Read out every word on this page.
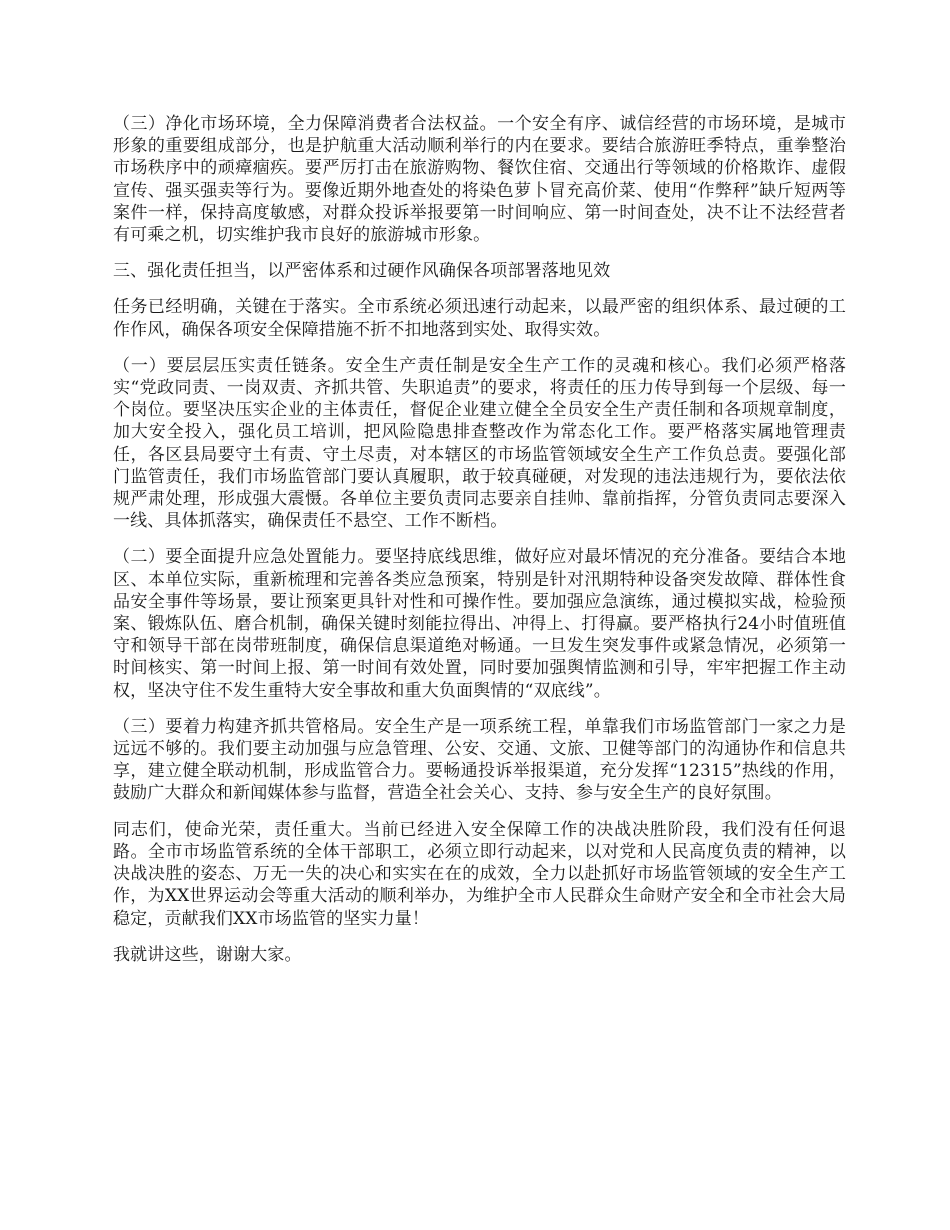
（三）净化市场环境，全力保障消费者合法权益。一个安全有序、诚信经营的市场环境，是城市形象的重要组成部分，也是护航重大活动顺利举行的内在要求。要结合旅游旺季特点，重拳整治市场秩序中的顽瘴痼疾。要严厉打击在旅游购物、餐饮住宿、交通出行等领域的价格欺诈、虚假宣传、强买强卖等行为。要像近期外地查处的将染色萝卜冒充高价菜、使用“作弊秤”缺斤短两等案件一样，保持高度敏感，对群众投诉举报要第一时间响应、第一时间查处，决不让不法经营者有可乘之机，切实维护我市良好的旅游城市形象。

三、强化责任担当，以严密体系和过硬作风确保各项部署落地见效

任务已经明确，关键在于落实。全市系统必须迅速行动起来，以最严密的组织体系、最过硬的工作作风，确保各项安全保障措施不折不扣地落到实处、取得实效。

（一）要层层压实责任链条。安全生产责任制是安全生产工作的灵魂和核心。我们必须严格落实“党政同责、一岗双责、齐抓共管、失职追责”的要求，将责任的压力传导到每一个层级、每一个岗位。要坚决压实企业的主体责任，督促企业建立健全全员安全生产责任制和各项规章制度，加大安全投入，强化员工培训，把风险隐患排查整改作为常态化工作。要严格落实属地管理责任，各区县局要守土有责、守土尽责，对本辖区的市场监管领域安全生产工作负总责。要强化部门监管责任，我们市场监管部门要认真履职，敢于较真碰硬，对发现的违法违规行为，要依法依规严肃处理，形成强大震慑。各单位主要负责同志要亲自挂帅、靠前指挥，分管负责同志要深入一线、具体抓落实，确保责任不悬空、工作不断档。

（二）要全面提升应急处置能力。要坚持底线思维，做好应对最坏情况的充分准备。要结合本地区、本单位实际，重新梳理和完善各类应急预案，特别是针对汛期特种设备突发故障、群体性食品安全事件等场景，要让预案更具针对性和可操作性。要加强应急演练，通过模拟实战，检验预案、锻炼队伍、磨合机制，确保关键时刻能拉得出、冲得上、打得赢。要严格执行24小时值班值守和领导干部在岗带班制度，确保信息渠道绝对畅通。一旦发生突发事件或紧急情况，必须第一时间核实、第一时间上报、第一时间有效处置，同时要加强舆情监测和引导，牢牢把握工作主动权，坚决守住不发生重特大安全事故和重大负面舆情的“双底线”。

（三）要着力构建齐抓共管格局。安全生产是一项系统工程，单靠我们市场监管部门一家之力是远远不够的。我们要主动加强与应急管理、公安、交通、文旅、卫健等部门的沟通协作和信息共享，建立健全联动机制，形成监管合力。要畅通投诉举报渠道，充分发挥“12315”热线的作用，鼓励广大群众和新闻媒体参与监督，营造全社会关心、支持、参与安全生产的良好氛围。

同志们，使命光荣，责任重大。当前已经进入安全保障工作的决战决胜阶段，我们没有任何退路。全市市场监管系统的全体干部职工，必须立即行动起来，以对党和人民高度负责的精神，以决战决胜的姿态、万无一失的决心和实实在在的成效，全力以赴抓好市场监管领域的安全生产工作，为XX世界运动会等重大活动的顺利举办，为维护全市人民群众生命财产安全和全市社会大局稳定，贡献我们XX市场监管的坚实力量！

我就讲这些，谢谢大家。
